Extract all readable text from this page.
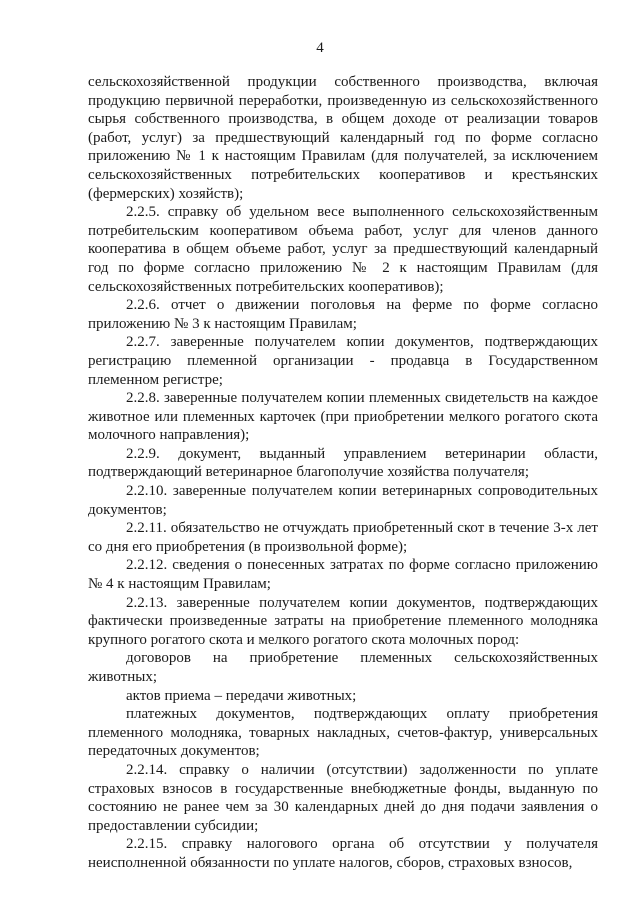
4

сельскохозяйственной продукции собственного производства, включая продукцию первичной переработки, произведенную из сельскохозяйственного сырья собственного производства, в общем доходе от реализации товаров (работ, услуг) за предшествующий календарный год по форме согласно приложению № 1 к настоящим Правилам (для получателей, за исключением сельскохозяйственных потребительских кооперативов и крестьянских (фермерских) хозяйств);

2.2.5. справку об удельном весе выполненного сельскохозяйственным потребительским кооперативом объема работ, услуг для членов данного кооператива в общем объеме работ, услуг за предшествующий календарный год по форме согласно приложению № 2 к настоящим Правилам (для сельскохозяйственных потребительских кооперативов);

2.2.6. отчет о движении поголовья на ферме по форме согласно приложению № 3 к настоящим Правилам;

2.2.7. заверенные получателем копии документов, подтверждающих регистрацию племенной организации - продавца в Государственном племенном регистре;

2.2.8. заверенные получателем копии племенных свидетельств на каждое животное или племенных карточек (при приобретении мелкого рогатого скота молочного направления);

2.2.9. документ, выданный управлением ветеринарии области, подтверждающий ветеринарное благополучие хозяйства получателя;

2.2.10. заверенные получателем копии ветеринарных сопроводительных документов;

2.2.11. обязательство не отчуждать приобретенный скот в течение 3-х лет со дня его приобретения (в произвольной форме);

2.2.12. сведения о понесенных затратах по форме согласно приложению № 4 к настоящим Правилам;

2.2.13. заверенные получателем копии документов, подтверждающих фактически произведенные затраты на приобретение племенного молодняка крупного рогатого скота и мелкого рогатого скота молочных пород:

договоров на приобретение племенных сельскохозяйственных животных;

актов приема – передачи животных;

платежных документов, подтверждающих оплату приобретения племенного молодняка, товарных накладных, счетов-фактур, универсальных передаточных документов;

2.2.14. справку о наличии (отсутствии) задолженности по уплате страховых взносов в государственные внебюджетные фонды, выданную по состоянию не ранее чем за 30 календарных дней до дня подачи заявления о предоставлении субсидии;

2.2.15. справку налогового органа об отсутствии у получателя неисполненной обязанности по уплате налогов, сборов, страховых взносов,
